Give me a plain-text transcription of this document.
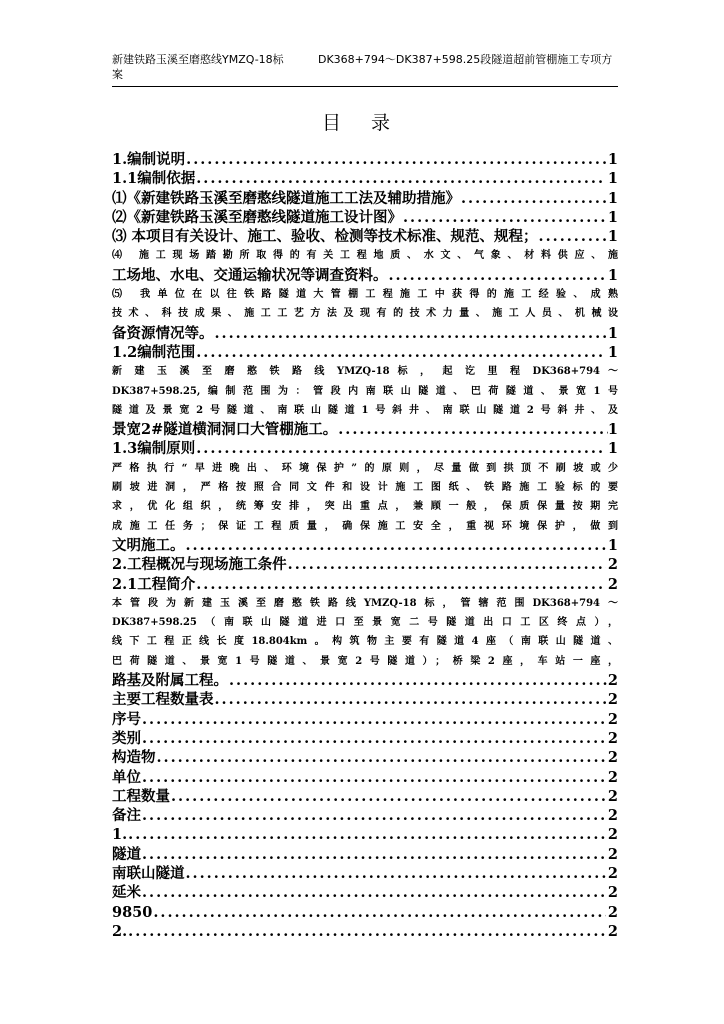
新建铁路玉溪至磨憨线YMZQ-18标案
DK368+794～DK387+598.25段隧道超前管棚施工专项方
目 录
1.编制说明 .....	1
1.1编制依据 .....	1
⑴《新建铁路玉溪至磨憨线隧道施工工法及辅助措施》 .....	1
⑵《新建铁路玉溪至磨憨线隧道施工设计图》 .....	1
⑶ 本项目有关设计、施工、验收、检测等技术标准、规范、规程； .....	1
⑷ 施工现场踏勘所取得的有关工程地质、水文、气象、材料供应、施
工场地、水电、交通运输状况等调查资料。 .....	1
⑸ 我单位在以往铁路隧道大管棚工程施工中获得的施工经验、成熟
技术、科技成果、施工工艺方法及现有的技术力量、施工人员、机械设
备资源情况等。 .....	1
1.2编制范围 .....	1
新 建 玉 溪 至 磨 憨 铁 路 线 YMZQ-18 标 ， 起 讫 里 程 DK368+794 ～
DK387+598.25,编制范围为：管段内南联山隧道、巴荷隧道、景宽1号
隧道及景宽2号隧道、南联山隧道1号斜井、南联山隧道2号斜井、及
景宽2#隧道横洞洞口大管棚施工。 .....	1
1.3编制原则 .....	1
严格执行“早进晚出、环境保护”的原则，尽量做到拱顶不刷坡或少
刷坡进洞，严格按照合同文件和设计施工图纸、铁路施工验标的要
求，优化组织，统筹安排，突出重点，兼顾一般，保质保量按期完
成施工任务；保证工程质量，确保施工安全，重视环境保护，做到
文明施工。 .....	1
2.工程概况与现场施工条件 .....	2
2.1工程简介 .....	2
本管段为新建玉溪至磨憨铁路线YMZQ-18标，管辖范围DK368+794～
DK387+598.25（南联山隧道进口至景宽二号隧道出口工区终点），
线下工程正线长度18.804km。构筑物主要有隧道4座（南联山隧道、
巴荷隧道、景宽1号隧道、景宽2号隧道）；桥梁2座，车站一座，
路基及附属工程。 .....	2
主要工程数量表 .....	2
序号 .....	2
类别 .....	2
构造物 .....	2
单位 .....	2
工程数量 .....	2
备注 .....	2
1. .....	2
隧道 .....	2
南联山隧道 .....	2
延米 .....	2
9850 .....	2
2. .....	2
